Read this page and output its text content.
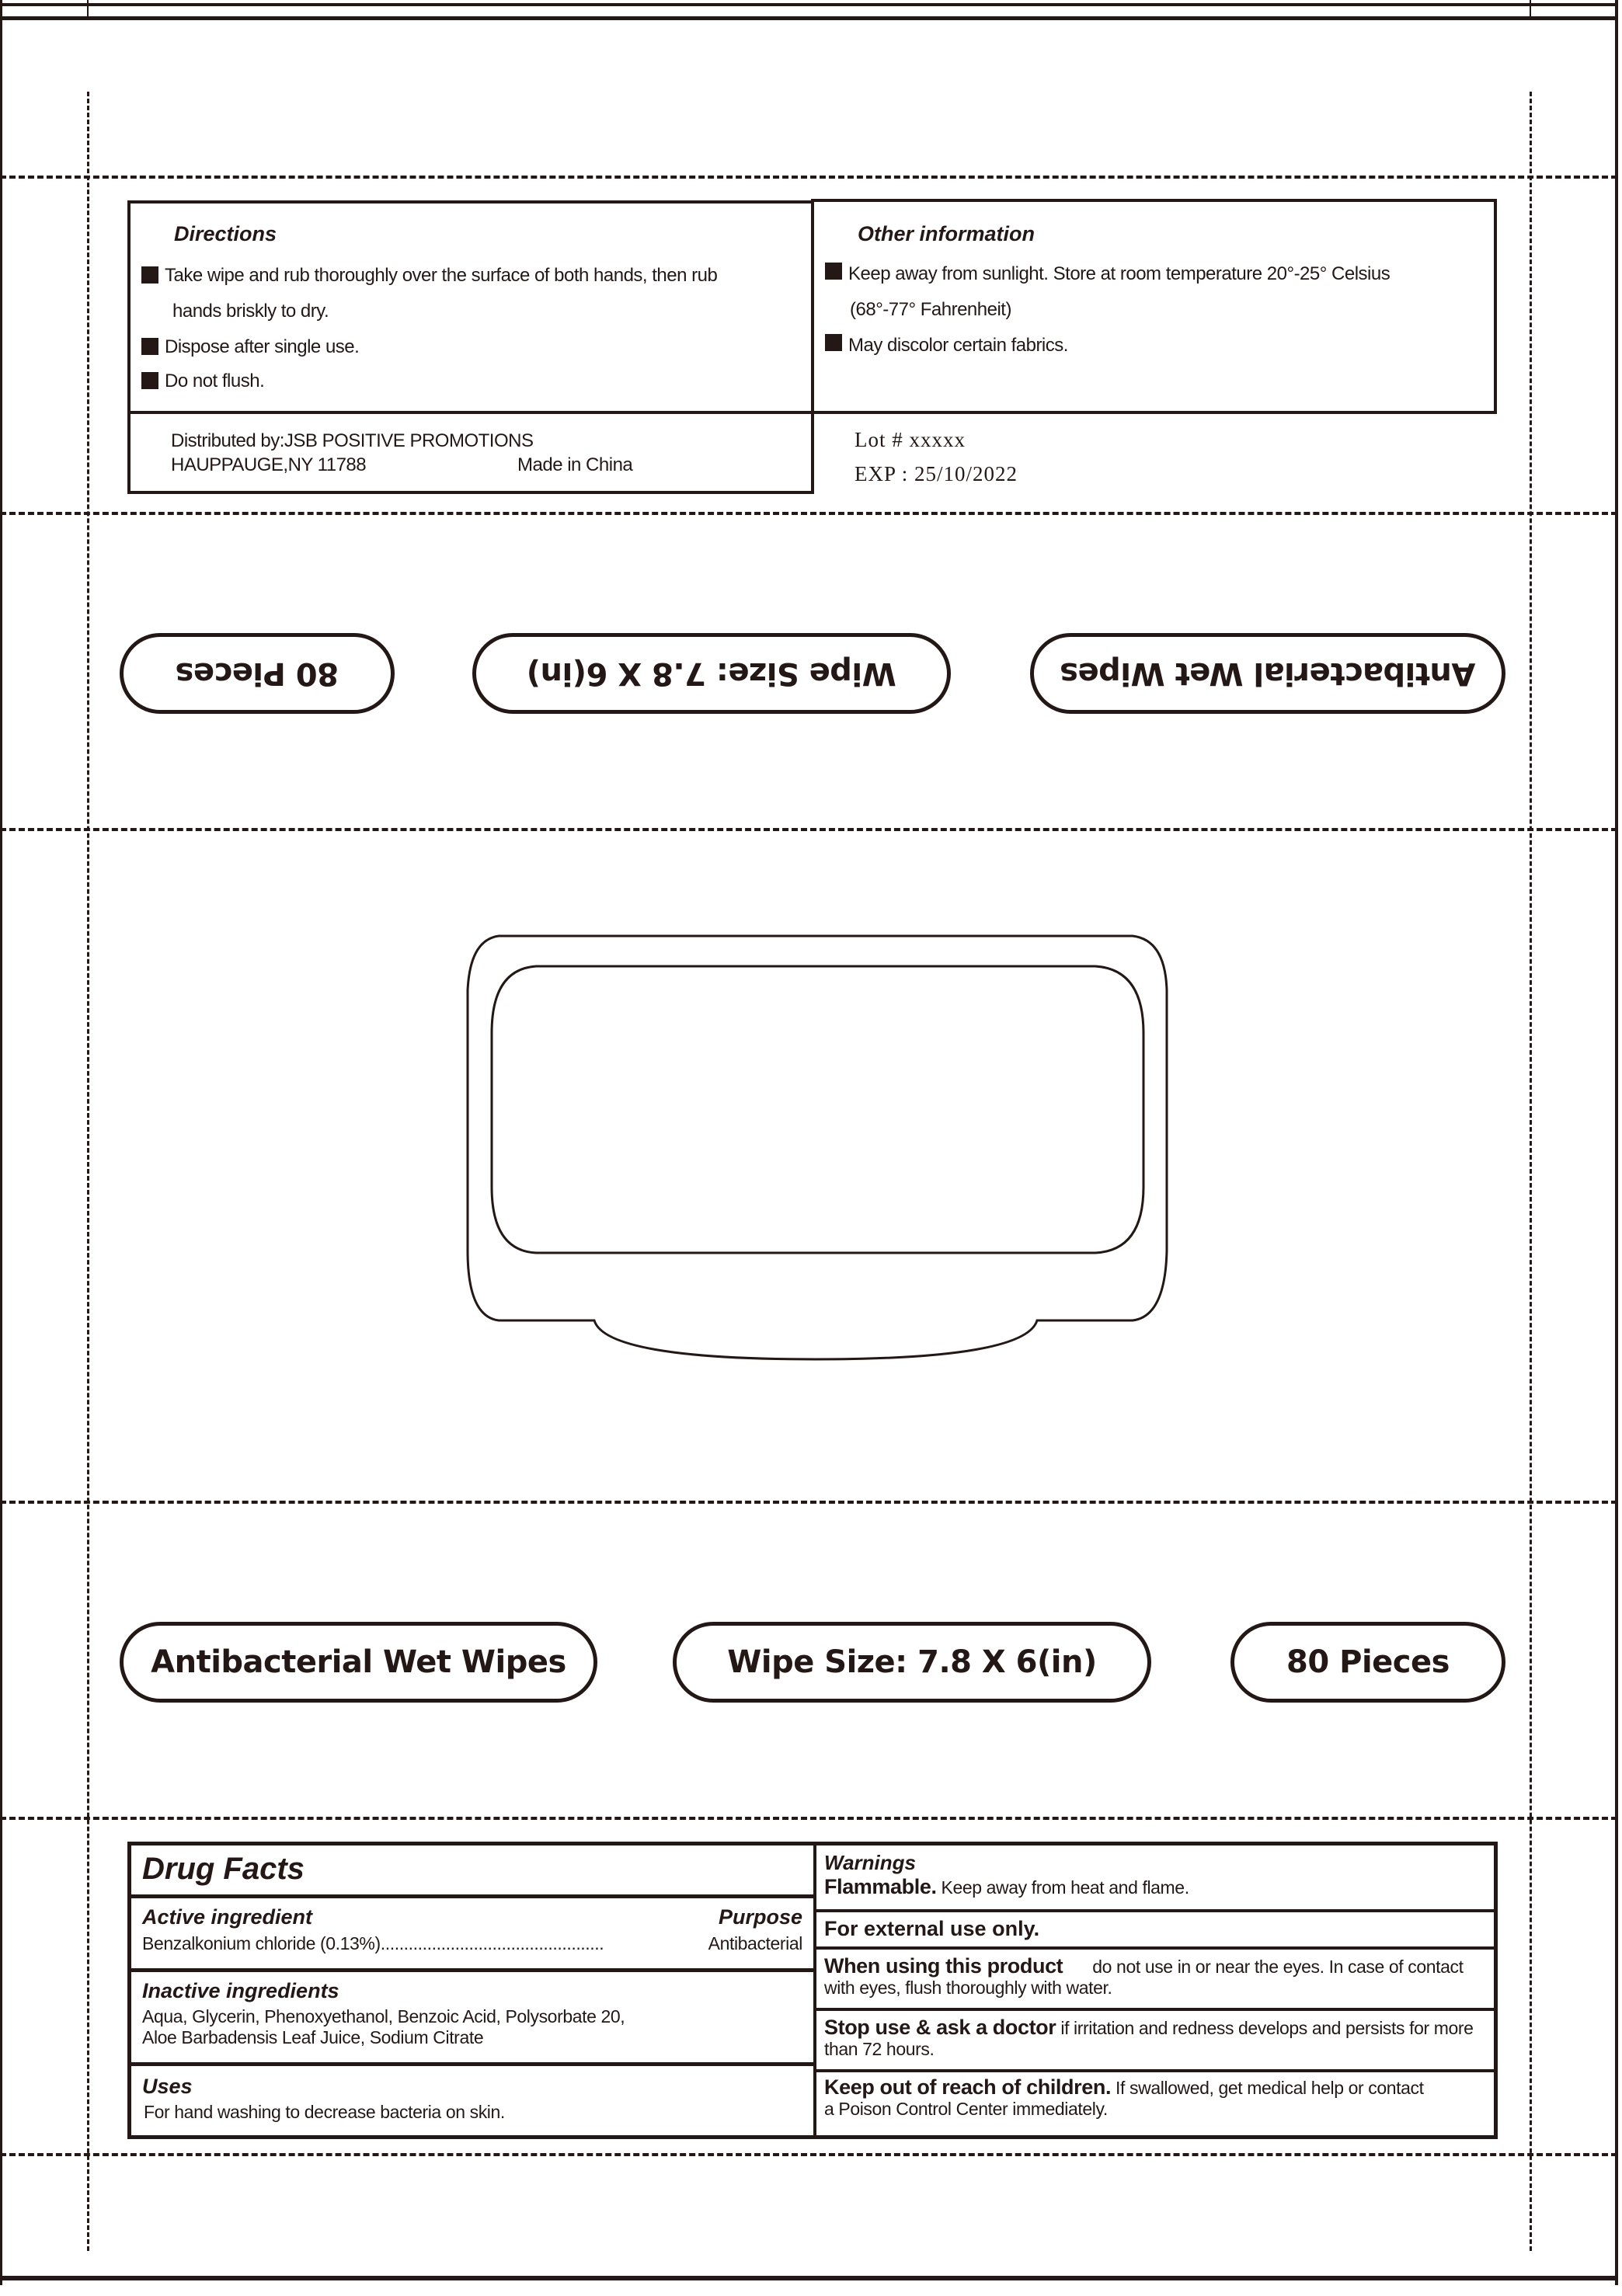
Directions
Take wipe and rub thoroughly over the surface of both hands, then rub
hands briskly to dry.
Dispose after single use.
Do not flush.
Distributed by:JSB POSITIVE PROMOTIONS
HAUPPAUGE,NY 11788	Made in China
Other information
Keep away from sunlight. Store at room temperature 20°-25° Celsius
(68°-77° Fahrenheit)
May discolor certain fabrics.
Lot # xxxxx
EXP : 25/10/2022
80 Pieces	Wipe Size: 7.8 X 6(in)	Antibacterial Wet Wipes
Antibacterial Wet Wipes	Wipe Size: 7.8 X 6(in)	80 Pieces
Drug Facts
Active ingredient	Purpose
Benzalkonium chloride (0.13%) ................................................	Antibacterial
Inactive ingredients
Aqua, Glycerin, Phenoxyethanol, Benzoic Acid, Polysorbate 20,
Aloe Barbadensis Leaf Juice, Sodium Citrate
Uses
For hand washing to decrease bacteria on skin.
Warnings
Flammable. Keep away from heat and flame.
For external use only.
When using this product do not use in or near the eyes. In case of contact with eyes, flush thoroughly with water.
Stop use & ask a doctor if irritation and redness develops and persists for more than 72 hours.
Keep out of reach of children. If swallowed, get medical help or contact a Poison Control Center immediately.
